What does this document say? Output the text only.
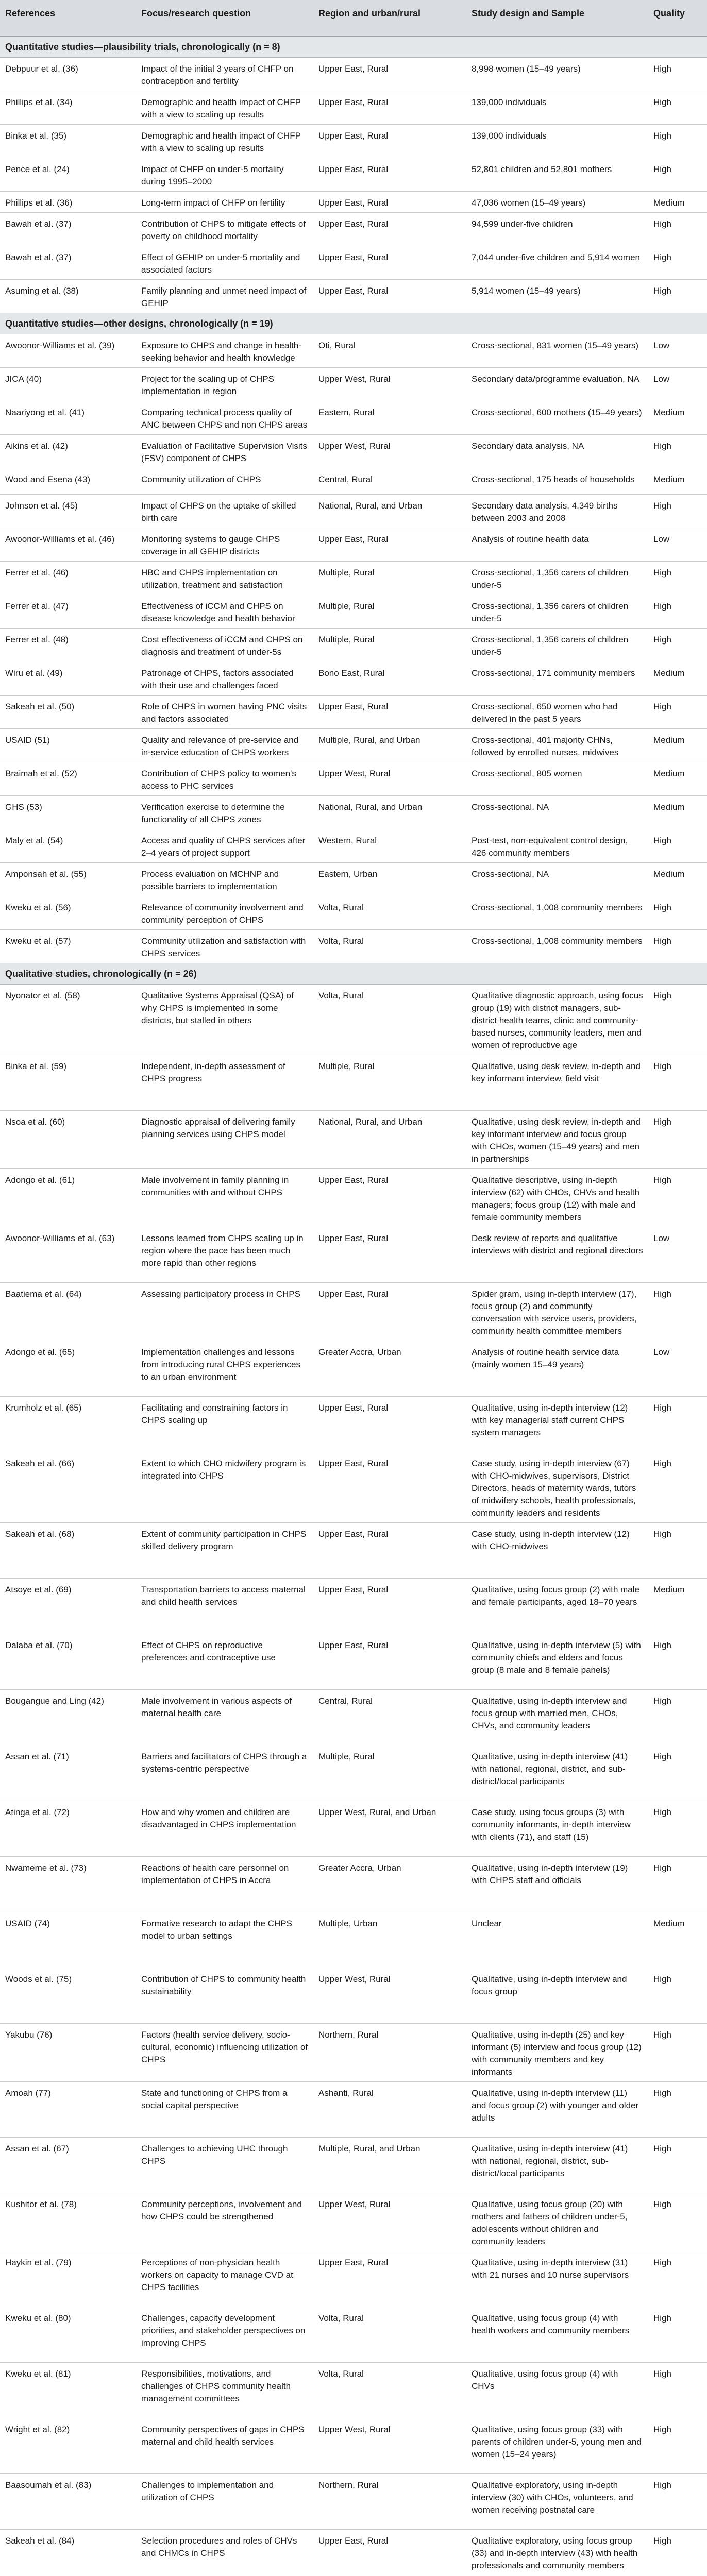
References	Focus/research question	Region and urban/rural	Study design and Sample	Quality
Quantitative studies—plausibility trials, chronologically (n = 8)				
Debpuur et al. (36)	Impact of the initial 3 years of CHFP on contraception and fertility	Upper East, Rural	8,998 women (15–49 years)	High
Phillips et al. (34)	Demographic and health impact of CHFP with a view to scaling up results	Upper East, Rural	139,000 individuals	High
Binka et al. (35)	Demographic and health impact of CHFP with a view to scaling up results	Upper East, Rural	139,000 individuals	High
Pence et al. (24)	Impact of CHFP on under-5 mortality during 1995–2000	Upper East, Rural	52,801 children and 52,801 mothers	High
Phillips et al. (36)	Long-term impact of CHFP on fertility	Upper East, Rural	47,036 women (15–49 years)	Medium
Bawah et al. (37)	Contribution of CHPS to mitigate effects of poverty on childhood mortality	Upper East, Rural	94,599 under-five children	High
Bawah et al. (37)	Effect of GEHIP on under-5 mortality and associated factors	Upper East, Rural	7,044 under-five children and 5,914 women	High
Asuming et al. (38)	Family planning and unmet need impact of GEHIP	Upper East, Rural	5,914 women (15–49 years)	High
Quantitative studies—other designs, chronologically (n = 19)				
Awoonor-Williams et al. (39)	Exposure to CHPS and change in health-seeking behavior and health knowledge	Oti, Rural	Cross-sectional, 831 women (15–49 years)	Low
JICA (40)	Project for the scaling up of CHPS implementation in region	Upper West, Rural	Secondary data/programme evaluation, NA	Low
Naariyong et al. (41)	Comparing technical process quality of ANC between CHPS and non CHPS areas	Eastern, Rural	Cross-sectional, 600 mothers (15–49 years)	Medium
Aikins et al. (42)	Evaluation of Facilitative Supervision Visits (FSV) component of CHPS	Upper West, Rural	Secondary data analysis, NA	High
Wood and Esena (43)	Community utilization of CHPS	Central, Rural	Cross-sectional, 175 heads of households	Medium
Johnson et al. (45)	Impact of CHPS on the uptake of skilled birth care	National, Rural, and Urban	Secondary data analysis, 4,349 births between 2003 and 2008	High
Awoonor-Williams et al. (46)	Monitoring systems to gauge CHPS coverage in all GEHIP districts	Upper East, Rural	Analysis of routine health data	Low
Ferrer et al. (46)	HBC and CHPS implementation on utilization, treatment and satisfaction	Multiple, Rural	Cross-sectional, 1,356 carers of children under-5	High
Ferrer et al. (47)	Effectiveness of iCCM and CHPS on disease knowledge and health behavior	Multiple, Rural	Cross-sectional, 1,356 carers of children under-5	High
Ferrer et al. (48)	Cost effectiveness of iCCM and CHPS on diagnosis and treatment of under-5s	Multiple, Rural	Cross-sectional, 1,356 carers of children under-5	High
Wiru et al. (49)	Patronage of CHPS, factors associated with their use and challenges faced	Bono East, Rural	Cross-sectional, 171 community members	Medium
Sakeah et al. (50)	Role of CHPS in women having PNC visits and factors associated	Upper East, Rural	Cross-sectional, 650 women who had delivered in the past 5 years	High
USAID (51)	Quality and relevance of pre-service and in-service education of CHPS workers	Multiple, Rural, and Urban	Cross-sectional, 401 majority CHNs, followed by enrolled nurses, midwives	Medium
Braimah et al. (52)	Contribution of CHPS policy to women's access to PHC services	Upper West, Rural	Cross-sectional, 805 women	Medium
GHS (53)	Verification exercise to determine the functionality of all CHPS zones	National, Rural, and Urban	Cross-sectional, NA	Medium
Maly et al. (54)	Access and quality of CHPS services after 2–4 years of project support	Western, Rural	Post-test, non-equivalent control design, 426 community members	High
Amponsah et al. (55)	Process evaluation on MCHNP and possible barriers to implementation	Eastern, Urban	Cross-sectional, NA	Medium
Kweku et al. (56)	Relevance of community involvement and community perception of CHPS	Volta, Rural	Cross-sectional, 1,008 community members	High
Kweku et al. (57)	Community utilization and satisfaction with CHPS services	Volta, Rural	Cross-sectional, 1,008 community members	High
Qualitative studies, chronologically (n = 26)				
Nyonator et al. (58)	Qualitative Systems Appraisal (QSA) of why CHPS is implemented in some districts, but stalled in others	Volta, Rural	Qualitative diagnostic approach, using focus group (19) with district managers, sub-district health teams, clinic and community-based nurses, community leaders, men and women of reproductive age	High
Binka et al. (59)	Independent, in-depth assessment of CHPS progress	Multiple, Rural	Qualitative, using desk review, in-depth and key informant interview, field visit	High
Nsoa et al. (60)	Diagnostic appraisal of delivering family planning services using CHPS model	National, Rural, and Urban	Qualitative, using desk review, in-depth and key informant interview and focus group with CHOs, women (15–49 years) and men in partnerships	High
Adongo et al. (61)	Male involvement in family planning in communities with and without CHPS	Upper East, Rural	Qualitative descriptive, using in-depth interview (62) with CHOs, CHVs and health managers; focus group (12) with male and female community members	High
Awoonor-Williams et al. (63)	Lessons learned from CHPS scaling up in region where the pace has been much more rapid than other regions	Upper East, Rural	Desk review of reports and qualitative interviews with district and regional directors	Low
Baatiema et al. (64)	Assessing participatory process in CHPS	Upper East, Rural	Spider gram, using in-depth interview (17), focus group (2) and community conversation with service users, providers, community health committee members	High
Adongo et al. (65)	Implementation challenges and lessons from introducing rural CHPS experiences to an urban environment	Greater Accra, Urban	Analysis of routine health service data (mainly women 15–49 years)	Low
Krumholz et al. (65)	Facilitating and constraining factors in CHPS scaling up	Upper East, Rural	Qualitative, using in-depth interview (12) with key managerial staff current CHPS system managers	High
Sakeah et al. (66)	Extent to which CHO midwifery program is integrated into CHPS	Upper East, Rural	Case study, using in-depth interview (67) with CHO-midwives, supervisors, District Directors, heads of maternity wards, tutors of midwifery schools, health professionals, community leaders and residents	High
Sakeah et al. (68)	Extent of community participation in CHPS skilled delivery program	Upper East, Rural	Case study, using in-depth interview (12) with CHO-midwives	High
Atsoye et al. (69)	Transportation barriers to access maternal and child health services	Upper East, Rural	Qualitative, using focus group (2) with male and female participants, aged 18–70 years	Medium
Dalaba et al. (70)	Effect of CHPS on reproductive preferences and contraceptive use	Upper East, Rural	Qualitative, using in-depth interview (5) with community chiefs and elders and focus group (8 male and 8 female panels)	High
Bougangue and Ling (42)	Male involvement in various aspects of maternal health care	Central, Rural	Qualitative, using in-depth interview and focus group with married men, CHOs, CHVs, and community leaders	High
Assan et al. (71)	Barriers and facilitators of CHPS through a systems-centric perspective	Multiple, Rural	Qualitative, using in-depth interview (41) with national, regional, district, and sub-district/local participants	High
Atinga et al. (72)	How and why women and children are disadvantaged in CHPS implementation	Upper West, Rural, and Urban	Case study, using focus groups (3) with community informants, in-depth interview with clients (71), and staff (15)	High
Nwameme et al. (73)	Reactions of health care personnel on implementation of CHPS in Accra	Greater Accra, Urban	Qualitative, using in-depth interview (19) with CHPS staff and officials	High
USAID (74)	Formative research to adapt the CHPS model to urban settings	Multiple, Urban	Unclear	Medium
Woods et al. (75)	Contribution of CHPS to community health sustainability	Upper West, Rural	Qualitative, using in-depth interview and focus group	High
Yakubu (76)	Factors (health service delivery, socio-cultural, economic) influencing utilization of CHPS	Northern, Rural	Qualitative, using in-depth (25) and key informant (5) interview and focus group (12) with community members and key informants	High
Amoah (77)	State and functioning of CHPS from a social capital perspective	Ashanti, Rural	Qualitative, using in-depth interview (11) and focus group (2) with younger and older adults	High
Assan et al. (67)	Challenges to achieving UHC through CHPS	Multiple, Rural, and Urban	Qualitative, using in-depth interview (41) with national, regional, district, sub-district/local participants	High
Kushitor et al. (78)	Community perceptions, involvement and how CHPS could be strengthened	Upper West, Rural	Qualitative, using focus group (20) with mothers and fathers of children under-5, adolescents without children and community leaders	High
Haykin et al. (79)	Perceptions of non-physician health workers on capacity to manage CVD at CHPS facilities	Upper East, Rural	Qualitative, using in-depth interview (31) with 21 nurses and 10 nurse supervisors	High
Kweku et al. (80)	Challenges, capacity development priorities, and stakeholder perspectives on improving CHPS	Volta, Rural	Qualitative, using focus group (4) with health workers and community members	High
Kweku et al. (81)	Responsibilities, motivations, and challenges of CHPS community health management committees	Volta, Rural	Qualitative, using focus group (4) with CHVs	High
Wright et al. (82)	Community perspectives of gaps in CHPS maternal and child health services	Upper West, Rural	Qualitative, using focus group (33) with parents of children under-5, young men and women (15–24 years)	High
Baasoumah et al. (83)	Challenges to implementation and utilization of CHPS	Northern, Rural	Qualitative exploratory, using in-depth interview (30) with CHOs, volunteers, and women receiving postnatal care	High
Sakeah et al. (84)	Selection procedures and roles of CHVs and CHMCs in CHPS	Upper East, Rural	Qualitative exploratory, using focus group (33) and in-depth interview (43) with health professionals and community members	High
